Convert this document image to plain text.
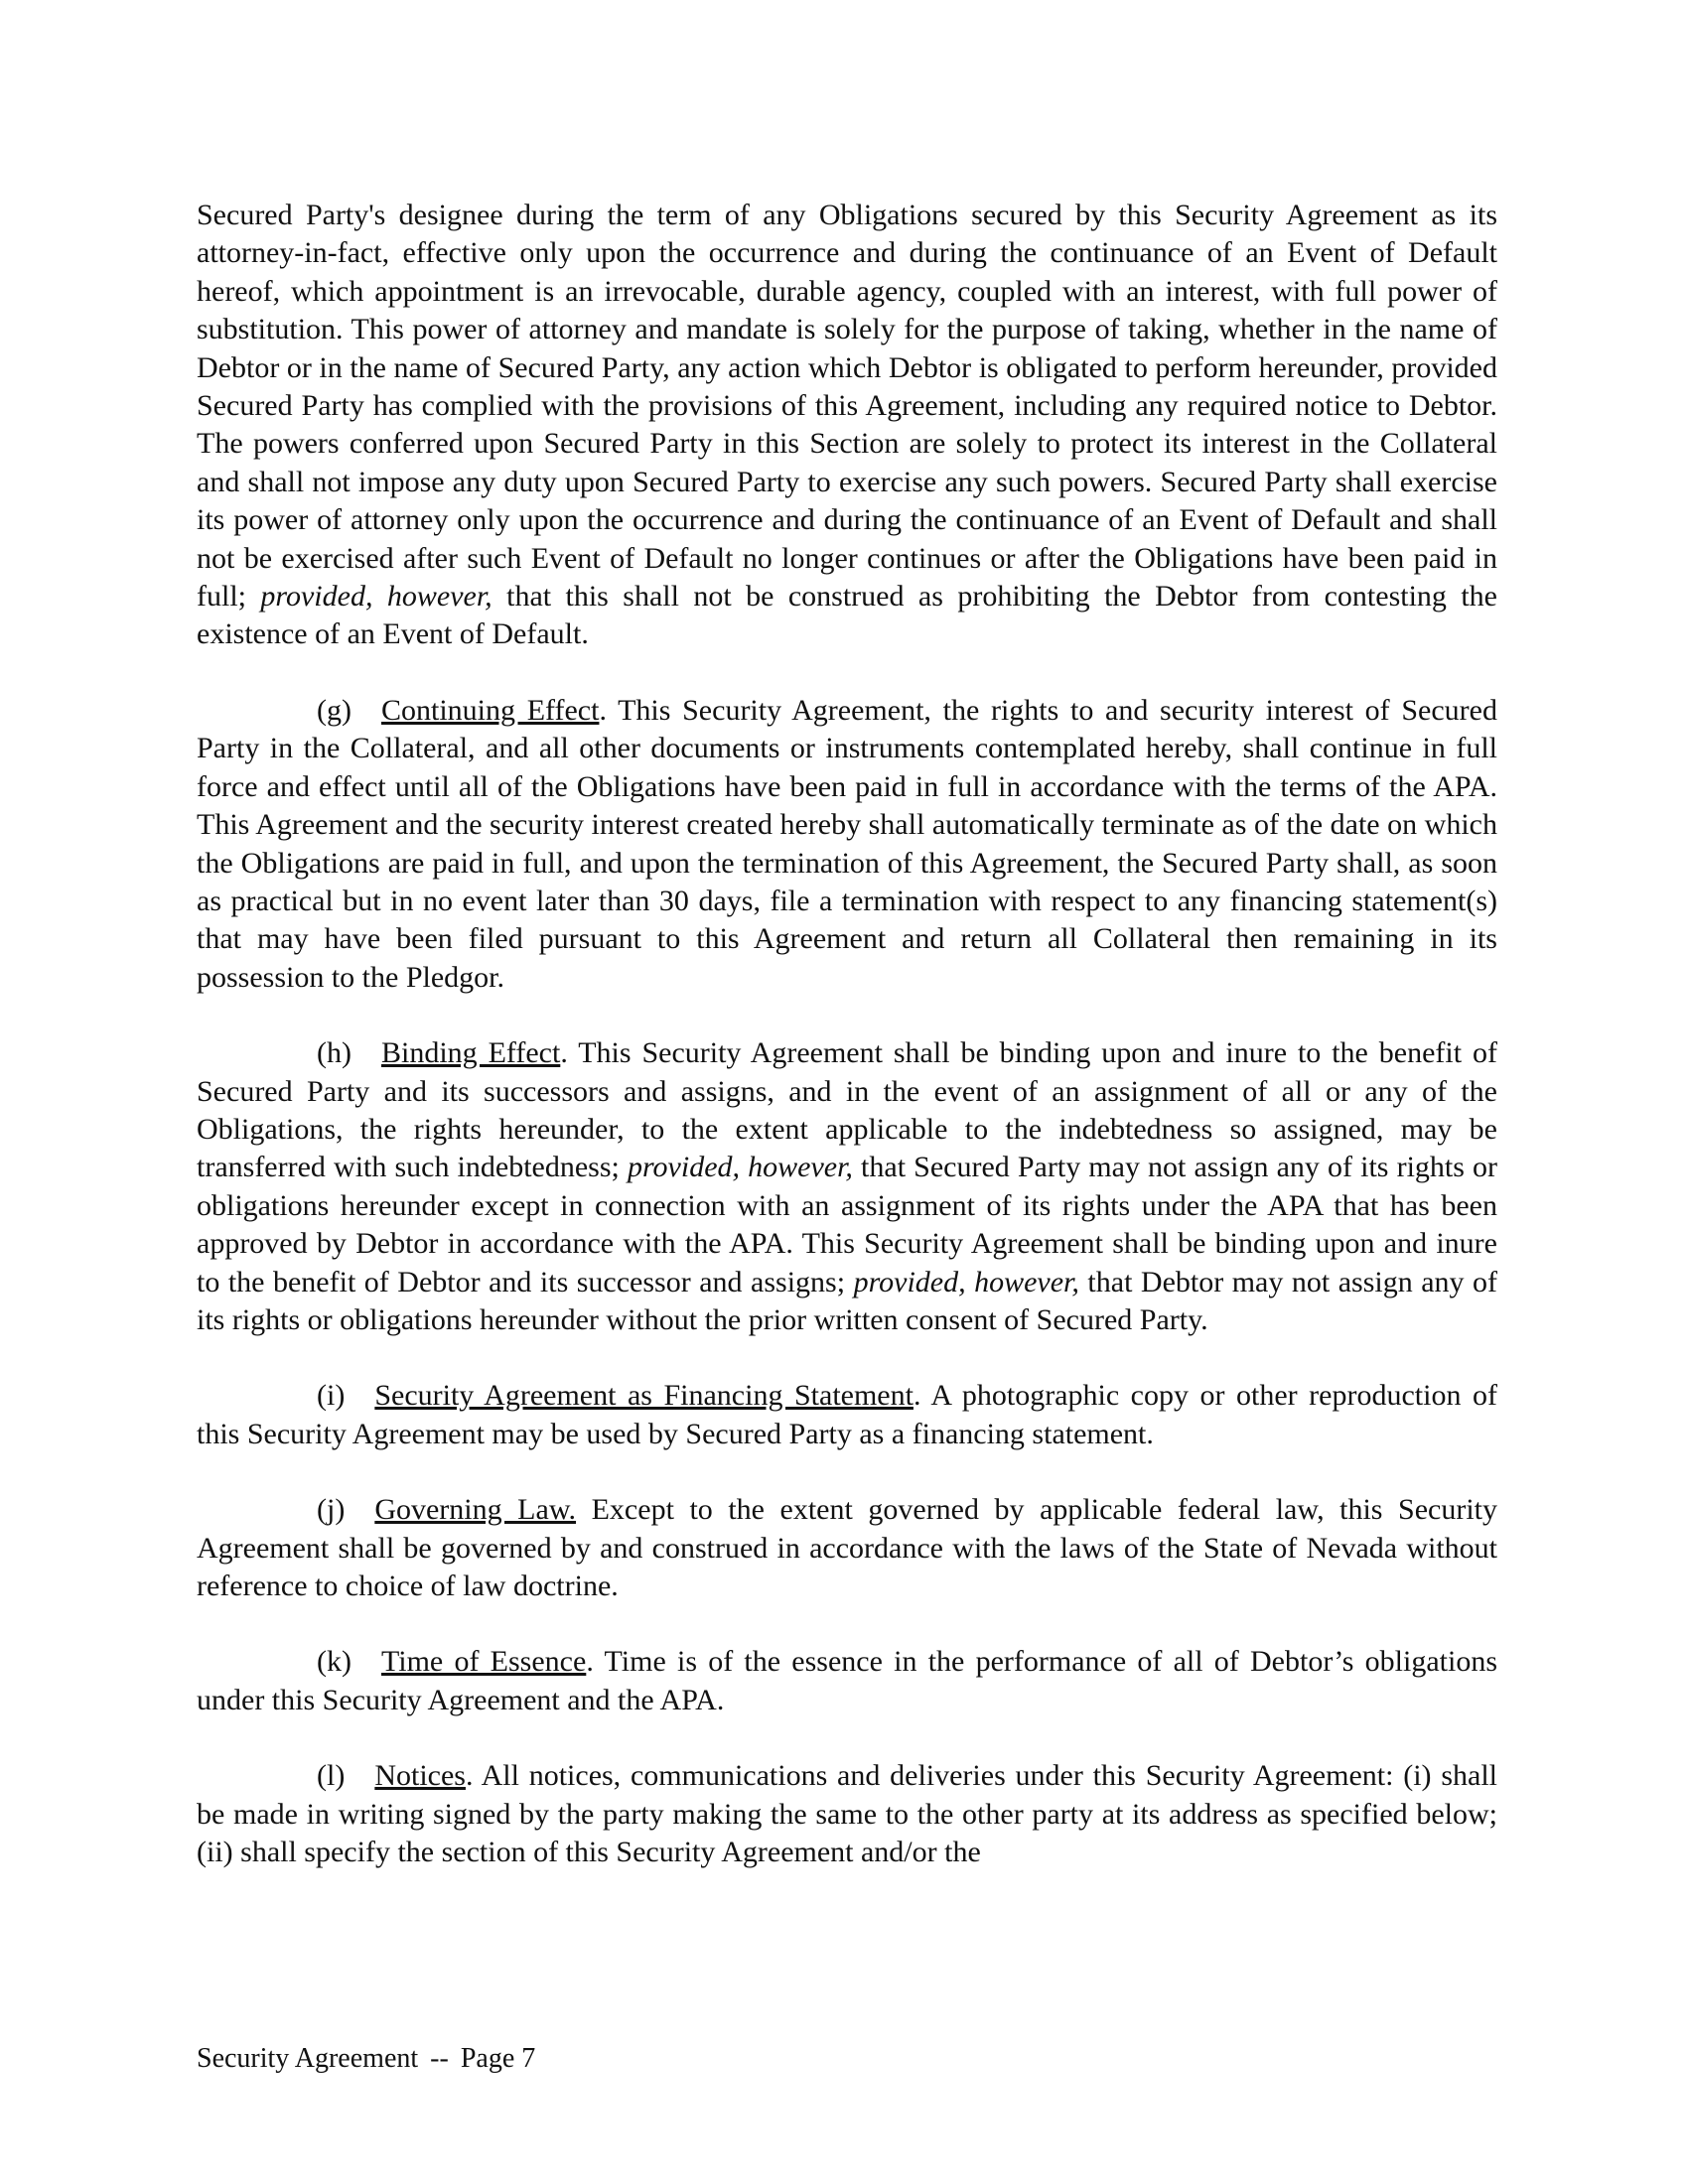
Secured Party's designee during the term of any Obligations secured by this Security Agreement as its attorney-in-fact, effective only upon the occurrence and during the continuance of an Event of Default hereof, which appointment is an irrevocable, durable agency, coupled with an interest, with full power of substitution. This power of attorney and mandate is solely for the purpose of taking, whether in the name of Debtor or in the name of Secured Party, any action which Debtor is obligated to perform hereunder, provided Secured Party has complied with the provisions of this Agreement, including any required notice to Debtor. The powers conferred upon Secured Party in this Section are solely to protect its interest in the Collateral and shall not impose any duty upon Secured Party to exercise any such powers. Secured Party shall exercise its power of attorney only upon the occurrence and during the continuance of an Event of Default and shall not be exercised after such Event of Default no longer continues or after the Obligations have been paid in full; provided, however, that this shall not be construed as prohibiting the Debtor from contesting the existence of an Event of Default.

(g) Continuing Effect. This Security Agreement, the rights to and security interest of Secured Party in the Collateral, and all other documents or instruments contemplated hereby, shall continue in full force and effect until all of the Obligations have been paid in full in accordance with the terms of the APA. This Agreement and the security interest created hereby shall automatically terminate as of the date on which the Obligations are paid in full, and upon the termination of this Agreement, the Secured Party shall, as soon as practical but in no event later than 30 days, file a termination with respect to any financing statement(s) that may have been filed pursuant to this Agreement and return all Collateral then remaining in its possession to the Pledgor.

(h) Binding Effect. This Security Agreement shall be binding upon and inure to the benefit of Secured Party and its successors and assigns, and in the event of an assignment of all or any of the Obligations, the rights hereunder, to the extent applicable to the indebtedness so assigned, may be transferred with such indebtedness; provided, however, that Secured Party may not assign any of its rights or obligations hereunder except in connection with an assignment of its rights under the APA that has been approved by Debtor in accordance with the APA. This Security Agreement shall be binding upon and inure to the benefit of Debtor and its successor and assigns; provided, however, that Debtor may not assign any of its rights or obligations hereunder without the prior written consent of Secured Party.

(i) Security Agreement as Financing Statement. A photographic copy or other reproduction of this Security Agreement may be used by Secured Party as a financing statement.

(j) Governing Law. Except to the extent governed by applicable federal law, this Security Agreement shall be governed by and construed in accordance with the laws of the State of Nevada without reference to choice of law doctrine.

(k) Time of Essence. Time is of the essence in the performance of all of Debtor’s obligations under this Security Agreement and the APA.

(l) Notices. All notices, communications and deliveries under this Security Agreement: (i) shall be made in writing signed by the party making the same to the other party at its address as specified below; (ii) shall specify the section of this Security Agreement and/or the

Security Agreement -- Page 7
